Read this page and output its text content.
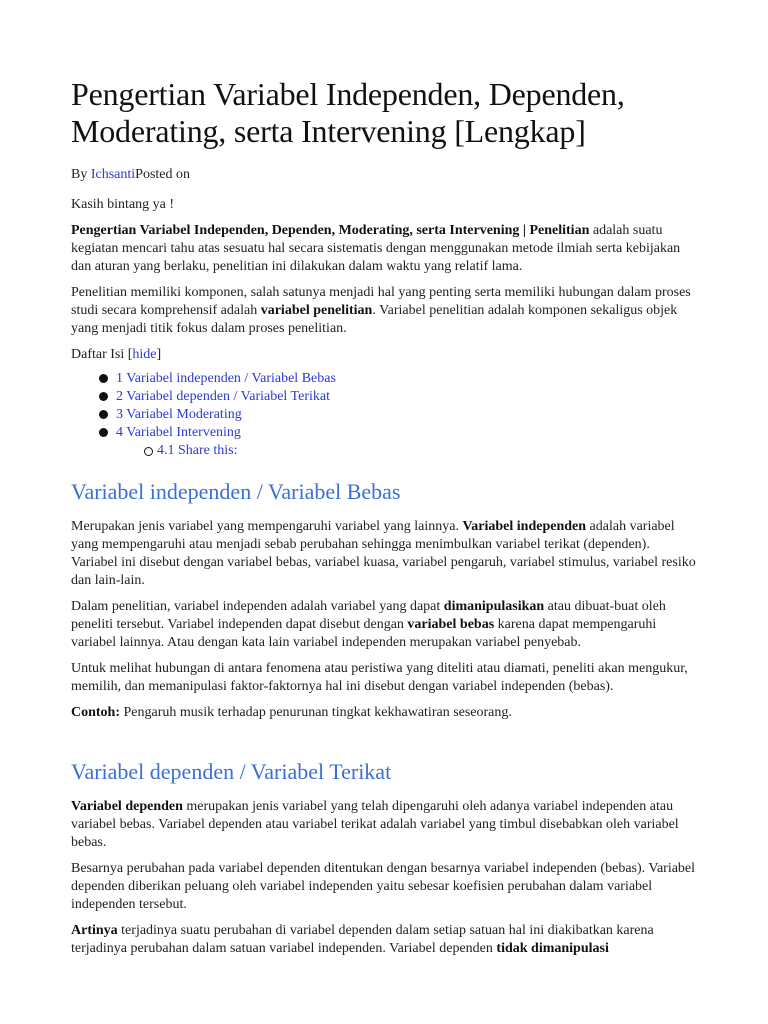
Pengertian Variabel Independen, Dependen, Moderating, serta Intervening [Lengkap]
By IchsantiPosted on

Kasih bintang ya !

Pengertian Variabel Independen, Dependen, Moderating, serta Intervening | Penelitian adalah suatu kegiatan mencari tahu atas sesuatu hal secara sistematis dengan menggunakan metode ilmiah serta kebijakan dan aturan yang berlaku, penelitian ini dilakukan dalam waktu yang relatif lama.

Penelitian memiliki komponen, salah satunya menjadi hal yang penting serta memiliki hubungan dalam proses studi secara komprehensif adalah variabel penelitian. Variabel penelitian adalah komponen sekaligus objek yang menjadi titik fokus dalam proses penelitian.

Daftar Isi [hide]
1 Variabel independen / Variabel Bebas
2 Variabel dependen / Variabel Terikat
3 Variabel Moderating
4 Variabel Intervening
4.1 Share this:
Variabel independen / Variabel Bebas

Merupakan jenis variabel yang mempengaruhi variabel yang lainnya. Variabel independen adalah variabel yang mempengaruhi atau menjadi sebab perubahan sehingga menimbulkan variabel terikat (dependen). Variabel ini disebut dengan variabel bebas, variabel kuasa, variabel pengaruh, variabel stimulus, variabel resiko dan lain-lain.

Dalam penelitian, variabel independen adalah variabel yang dapat dimanipulasikan atau dibuat-buat oleh peneliti tersebut. Variabel independen dapat disebut dengan variabel bebas karena dapat mempengaruhi variabel lainnya. Atau dengan kata lain variabel independen merupakan variabel penyebab.

Untuk melihat hubungan di antara fenomena atau peristiwa yang diteliti atau diamati, peneliti akan mengukur, memilih, dan memanipulasi faktor-faktornya hal ini disebut dengan variabel independen (bebas).

Contoh: Pengaruh musik terhadap penurunan tingkat kekhawatiran seseorang.

Variabel dependen / Variabel Terikat

Variabel dependen merupakan jenis variabel yang telah dipengaruhi oleh adanya variabel independen atau variabel bebas. Variabel dependen atau variabel terikat adalah variabel yang timbul disebabkan oleh variabel bebas.

Besarnya perubahan pada variabel dependen ditentukan dengan besarnya variabel independen (bebas). Variabel dependen diberikan peluang oleh variabel independen yaitu sebesar koefisien perubahan dalam variabel independen tersebut.

Artinya terjadinya suatu perubahan di variabel dependen dalam setiap satuan hal ini diakibatkan karena terjadinya perubahan dalam satuan variabel independen. Variabel dependen tidak dimanipulasi
